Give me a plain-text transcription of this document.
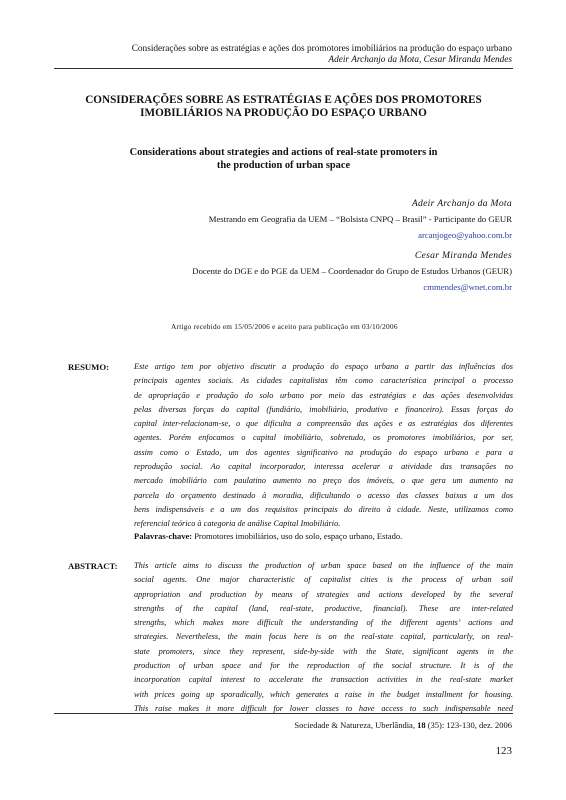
Considerações sobre as estratégias e ações dos promotores imobiliários na produção do espaço urbano
Adeir Archanjo da Mota, Cesar Miranda Mendes
CONSIDERAÇÕES SOBRE AS ESTRATÉGIAS E AÇÕES DOS PROMOTORES
IMOBILIÁRIOS NA PRODUÇÃO DO ESPAÇO URBANO
Considerations about strategies and actions of real-state promoters in
the production of urban space
Adeir Archanjo da Mota
Mestrando em Geografia da UEM – “Bolsista CNPQ – Brasil” - Participante do GEUR
arcanjogeo@yahoo.com.br
Cesar Miranda Mendes
Docente do DGE e do PGE da UEM – Coordenador do Grupo de Estudos Urbanos (GEUR)
cmmendes@wnet.com.br
Artigo recebido em 15/05/2006 e aceito para publicação em 03/10/2006
RESUMO:	Este artigo tem por objetivo discutir a produção do espaço urbano a partir das influências dos
principais agentes sociais. As cidades capitalistas têm como característica principal o processo
de apropriação e produção do solo urbano por meio das estratégias e das ações desenvolvidas
pelas diversas forças do capital (fundiário, imobiliário, produtivo e financeiro). Essas forças do
capital inter-relacionam-se, o que dificulta a compreensão das ações e as estratégias dos diferentes
agentes. Porém enfocamos o capital imobiliário, sobretudo, os promotores imobiliários, por ser,
assim como o Estado, um dos agentes significativo na produção do espaço urbano e para a
reprodução social. Ao capital incorporador, interessa acelerar a atividade das transações no
mercado imobiliário com paulatino aumento no preço dos imóveis, o que gera um aumento na
parcela do orçamento destinado à moradia, dificultando o acesso das classes baixas a um dos
bens indispensáveis e a um dos requisitos principais do direito à cidade. Neste, utilizamos como
referencial teórico à categoria de análise Capital Imobiliário.
Palavras-chave: Promotores imobiliários, uso do solo, espaço urbano, Estado.
ABSTRACT: This article aims to discuss the production of urban space based on the influence of the main
social agents. One major characteristic of capitalist cities is the process of urban soil
appropriation and production by means of strategies and actions developed by the several
strengths of the capital (land, real-state, productive, financial). These are inter-related
strengths, which makes more difficult the understanding of the different agents’ actions and
strategies. Nevertheless, the main focus here is on the real-state capital, particularly, on real-
state promoters, since they represent, side-by-side with the State, significant agents in the
production of urban space and for the reproduction of the social structure. It is of the
incorporation capital interest to accelerate the transaction activities in the real-state market
with prices going up sporadically, which generates a raise in the budget installment for housing.
This raise makes it more difficult for lower classes to have access to such indispensable need
Sociedade & Natureza, Uberlândia, 18 (35): 123-130, dez. 2006
123
